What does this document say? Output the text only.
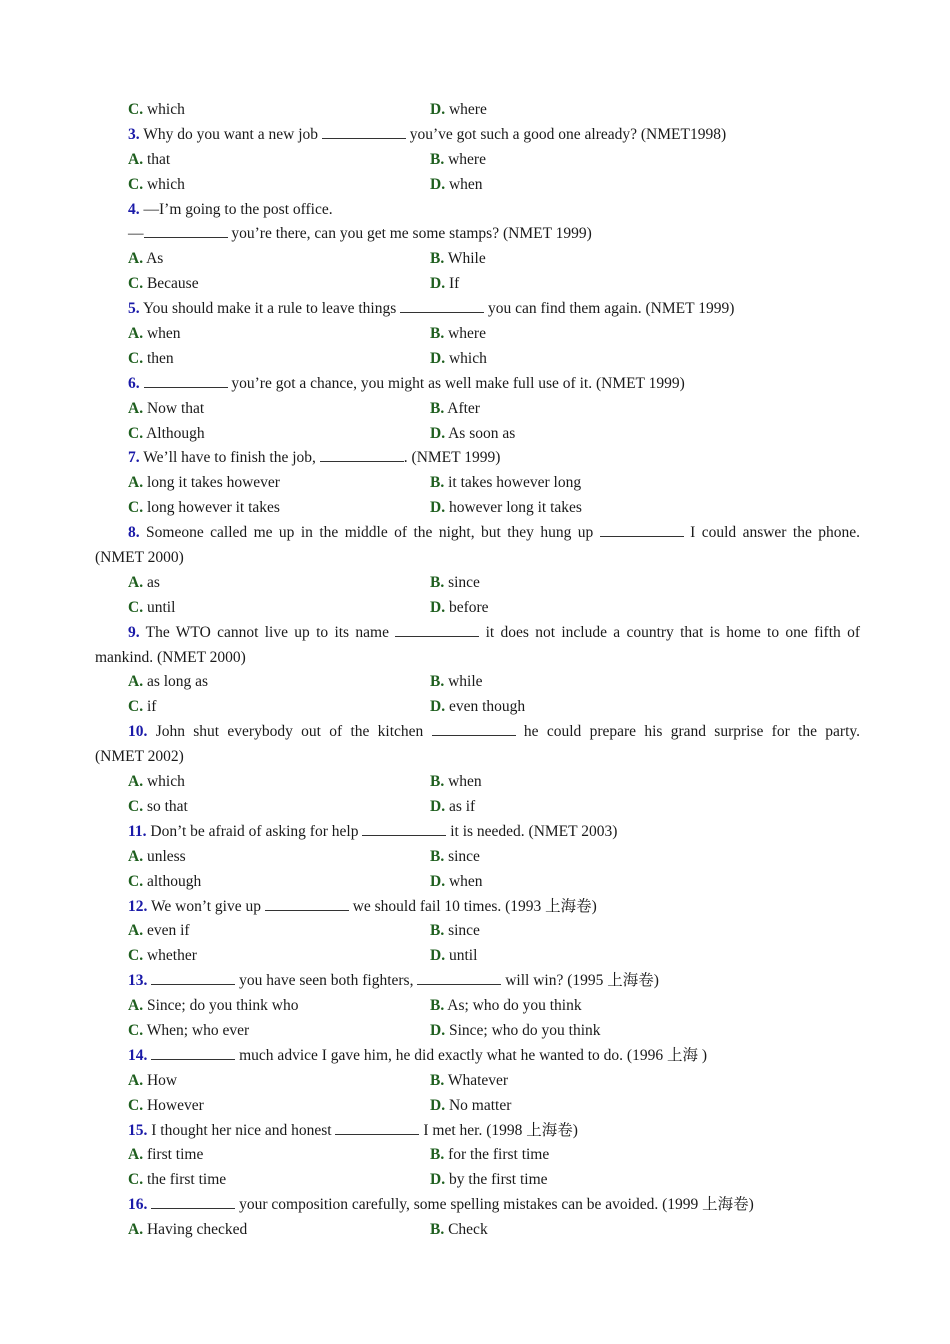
C. which	D. where
3. Why do you want a new job	you’ve got such a good one already? (NMET1998)
A. that	B. where
C. which	D. when
4. —I’m going to the post office.
—	you’re there, can you get me some stamps? (NMET 1999)
A. As	B. While
C. Because	D. If
5. You should make it a rule to leave things	you can find them again. (NMET 1999)
A. when	B. where
C. then	D. which
6.	you’re got a chance, you might as well make full use of it. (NMET 1999)
A. Now that	B. After
C. Although	D. As soon as
7. We’ll have to finish the job,	. (NMET 1999)
A. long it takes however	B. it takes however long
C. long however it takes	D. however long it takes
8. Someone called me up in the middle of the night, but they hung up	I could answer the phone.
(NMET 2000)
A. as	B. since
C. until	D. before
9. The WTO cannot live up to its name	it does not include a country that is home to one fifth of
mankind. (NMET 2000)
A. as long as	B. while
C. if	D. even though
10. John shut everybody out of the kitchen	he could prepare his grand surprise for the party.
(NMET 2002)
A. which	B. when
C. so that	D. as if
11. Don’t be afraid of asking for help	it is needed. (NMET 2003)
A. unless	B. since
C. although	D. when
12. We won’t give up	we should fail 10 times. (1993 上海卷)
A. even if	B. since
C. whether	D. until
13.	you have seen both fighters,	will win? (1995 上海卷)
A. Since; do you think who	B. As; who do you think
C. When; who ever	D. Since; who do you think
14.	much advice I gave him, he did exactly what he wanted to do. (1996 上海 )
A. How	B. Whatever
C. However	D. No matter
15. I thought her nice and honest	I met her. (1998 上海卷)
A. first time	B. for the first time
C. the first time	D. by the first time
16.	your composition carefully, some spelling mistakes can be avoided. (1999 上海卷)
A. Having checked	B. Check
